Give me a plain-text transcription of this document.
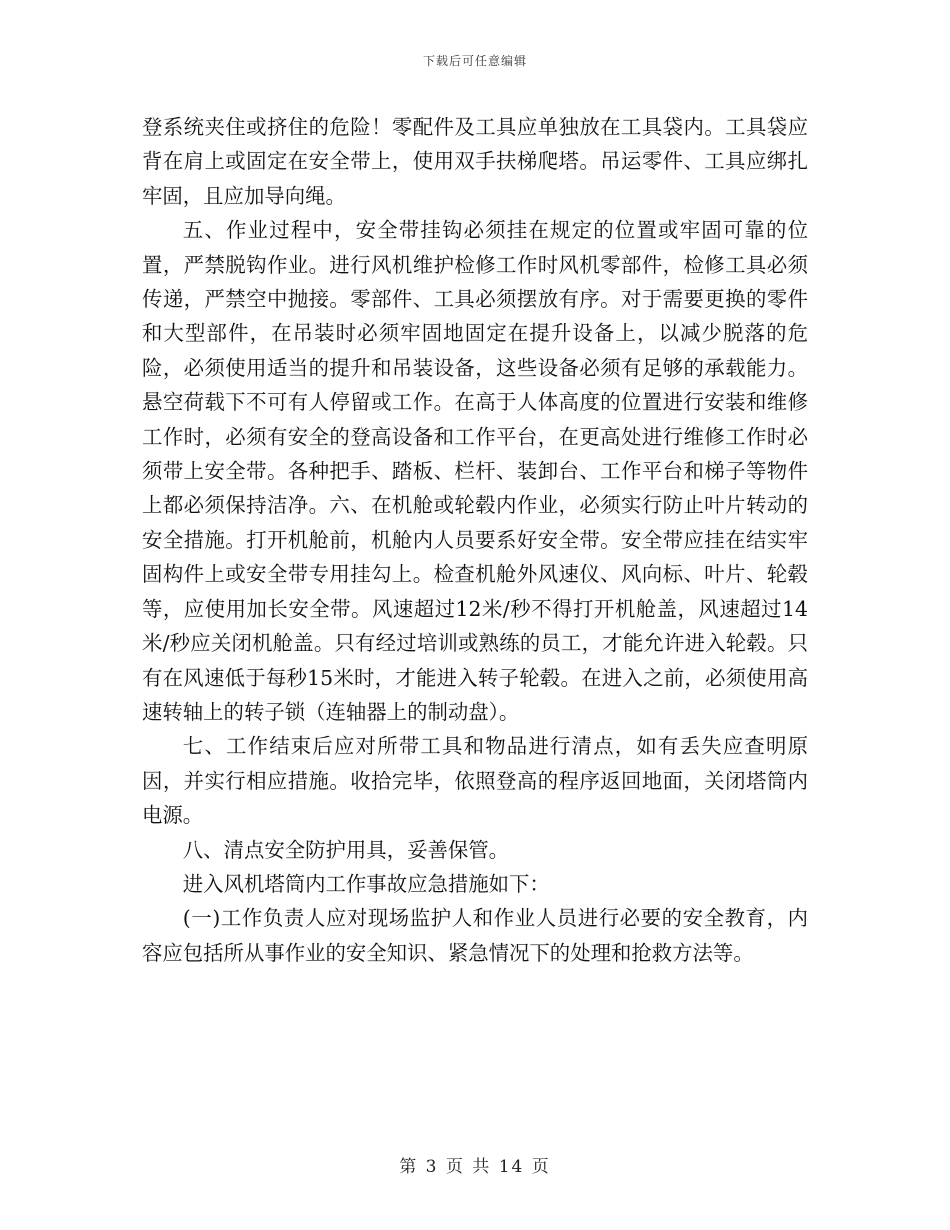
下载后可任意编辑

登系统夹住或挤住的危险！零配件及工具应单独放在工具袋内。工具袋应背在肩上或固定在安全带上，使用双手扶梯爬塔。吊运零件、工具应绑扎牢固，且应加导向绳。

五、作业过程中，安全带挂钩必须挂在规定的位置或牢固可靠的位置，严禁脱钩作业。进行风机维护检修工作时风机零部件，检修工具必须传递，严禁空中抛接。零部件、工具必须摆放有序。对于需要更换的零件和大型部件，在吊装时必须牢固地固定在提升设备上，以减少脱落的危险，必须使用适当的提升和吊装设备，这些设备必须有足够的承载能力。悬空荷载下不可有人停留或工作。在高于人体高度的位置进行安装和维修工作时，必须有安全的登高设备和工作平台，在更高处进行维修工作时必须带上安全带。各种把手、踏板、栏杆、装卸台、工作平台和梯子等物件上都必须保持洁净。六、在机舱或轮毂内作业，必须实行防止叶片转动的安全措施。打开机舱前，机舱内人员要系好安全带。安全带应挂在结实牢固构件上或安全带专用挂勾上。检查机舱外风速仪、风向标、叶片、轮毂等，应使用加长安全带。风速超过12米/秒不得打开机舱盖，风速超过14米/秒应关闭机舱盖。只有经过培训或熟练的员工，才能允许进入轮毂。只有在风速低于每秒15米时，才能进入转子轮毂。在进入之前，必须使用高速转轴上的转子锁（连轴器上的制动盘）。

七、工作结束后应对所带工具和物品进行清点，如有丢失应查明原因，并实行相应措施。收拾完毕，依照登高的程序返回地面，关闭塔筒内电源。

八、清点安全防护用具，妥善保管。

进入风机塔筒内工作事故应急措施如下：

(一)工作负责人应对现场监护人和作业人员进行必要的安全教育，内容应包括所从事作业的安全知识、紧急情况下的处理和抢救方法等。

第 3 页 共 14 页
